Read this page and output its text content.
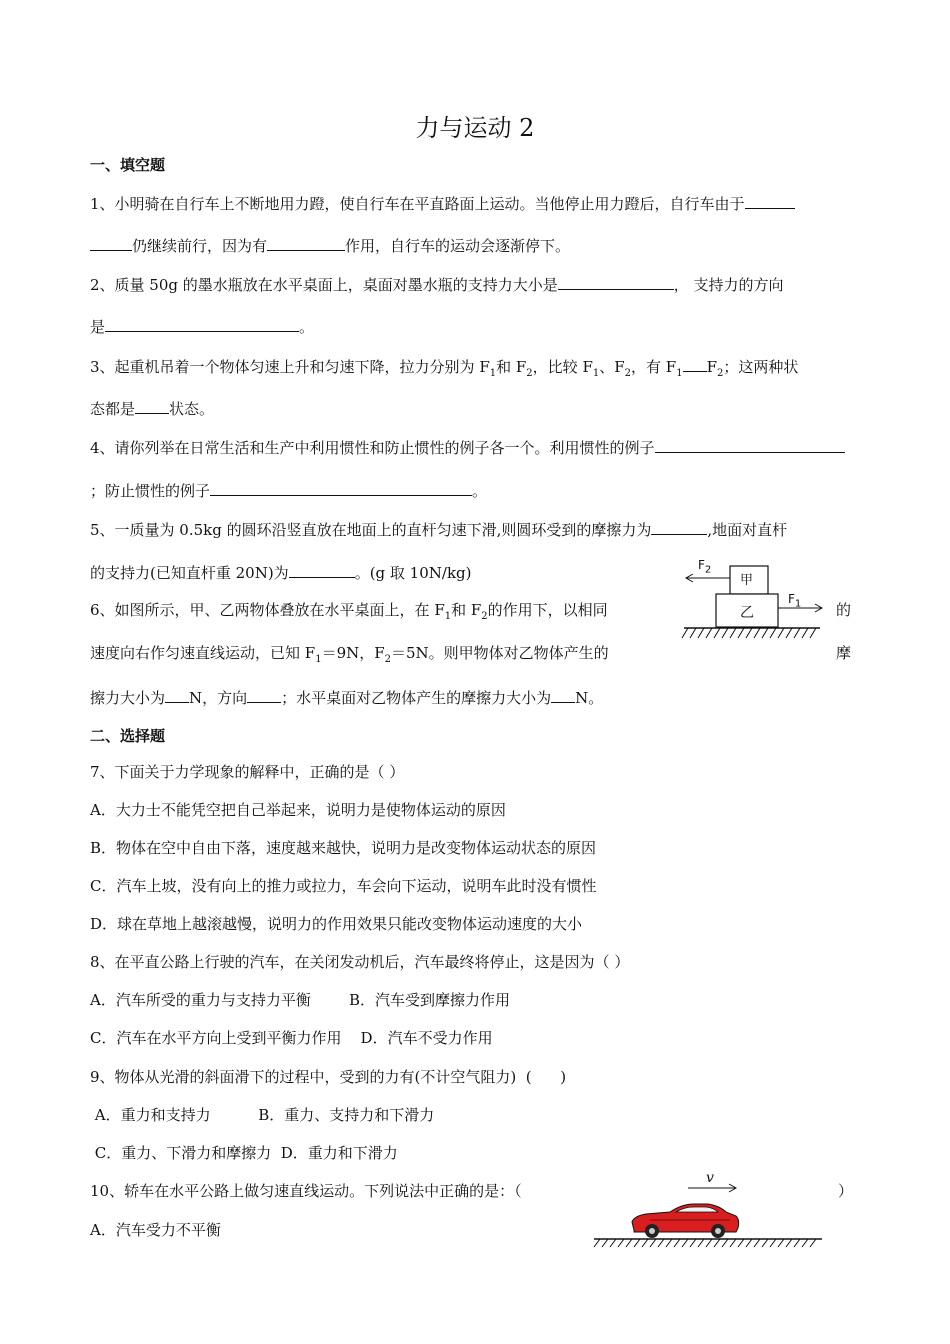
力与运动 2
一、填空题
1、小明骑在自行车上不断地用力蹬，使自行车在平直路面上运动。当他停止用力蹬后，自行车由于
仍继续前行，因为有	作用，自行车的运动会逐渐停下。
2、质量 50g 的墨水瓶放在水平桌面上，桌面对墨水瓶的支持力大小是	， 支持力的方向
是	。
3、起重机吊着一个物体匀速上升和匀速下降，拉力分别为 $F_1$和 $F_2$，比较 $F_1$、$F_2$，有 $F_1$ $F_2$；这两种状
态都是 状态。
4、请你列举在日常生活和生产中利用惯性和防止惯性的例子各一个。利用惯性的例子
；防止惯性的例子	。
5、一质量为 0.5kg 的圆环沿竖直放在地面上的直杆匀速下滑,则圆环受到的摩擦力为	,地面对直杆
的支持力(已知直杆重 20N)为	。(g 取 10N/kg)
6、如图所示，甲、乙两物体叠放在水平桌面上，在 $F_1$和 $F_2$的作用下，以相同	的
速度向右作匀速直线运动，已知 $F_1=9N$，$F_2=5N$。则甲物体对乙物体产生的	摩
擦力大小为 N，方向 ；水平桌面对乙物体产生的摩擦力大小为 N。
甲
乙
$F_2$
$F_1$
二、选择题
7、下面关于力学现象的解释中，正确的是（ ）
A．大力士不能凭空把自己举起来，说明力是使物体运动的原因
B．物体在空中自由下落，速度越来越快，说明力是改变物体运动状态的原因
C．汽车上坡，没有向上的推力或拉力，车会向下运动，说明车此时没有惯性
D．球在草地上越滚越慢，说明力的作用效果只能改变物体运动速度的大小
8、在平直公路上行驶的汽车，在关闭发动机后，汽车最终将停止，这是因为（ ）
A．汽车所受的重力与支持力平衡        B．汽车受到摩擦力作用
C．汽车在水平方向上受到平衡力作用    D．汽车不受力作用
9、物体从光滑的斜面滑下的过程中，受到的力有(不计空气阻力)  (      )
A．重力和支持力          B．重力、支持力和下滑力
C．重力、下滑力和摩擦力  D．重力和下滑力
10、轿车在水平公路上做匀速直线运动。下列说法中正确的是：（	）
A．汽车受力不平衡
v
